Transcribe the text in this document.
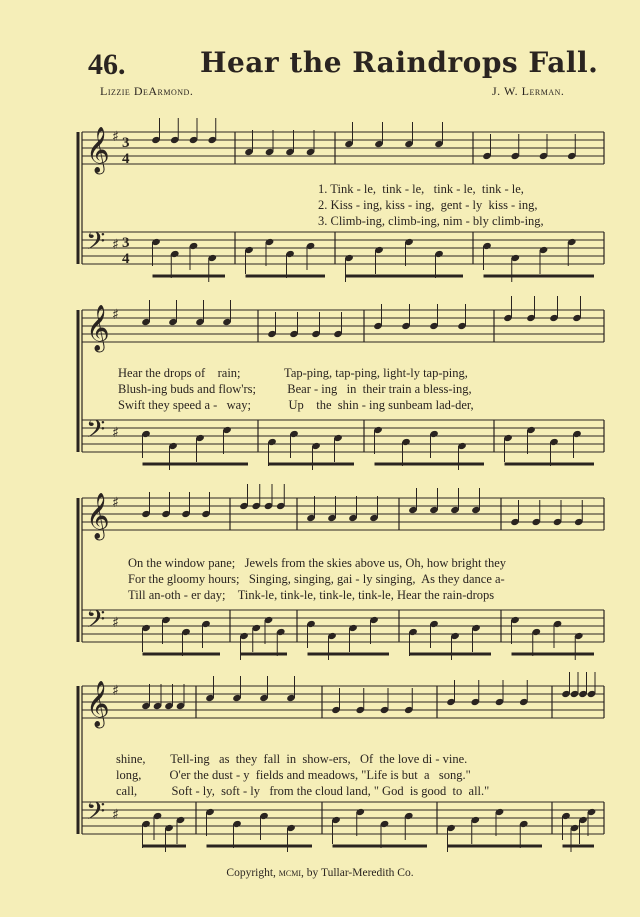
46.	Hear the Raindrops Fall.
Lizzie DeArmond.	J. W. Lerman.
𝄞
𝄢
♯
♯
3
4
3
4
𝄞
𝄢
♯
♯
𝄞
𝄢
♯
♯
𝄞
𝄢
♯
♯
1. Tink - le,  tink - le,   tink - le,  tink - le,
2. Kiss - ing, kiss - ing,  gent - ly  kiss - ing,
3. Climb-ing, climb-ing, nim - bly climb-ing,
Hear the drops of    rain;              Tap-ping, tap-ping, light-ly tap-ping,
Blush-ing buds and flow'rs;          Bear - ing   in  their train a bless-ing,
Swift they speed a -   way;            Up    the  shin - ing sunbeam lad-der,
On the window pane;   Jewels from the skies above us, Oh, how bright they
For the gloomy hours;   Singing, singing, gai - ly singing,  As they dance a-
Till an-oth - er day;    Tink-le, tink-le, tink-le, tink-le, Hear the rain-drops
shine,        Tell-ing   as  they  fall  in  show-ers,   Of  the love di - vine.
long,         O'er the dust - y  fields and meadows, "Life is but  a   song."
call,           Soft - ly,  soft - ly   from the cloud land, " God  is good  to  all."
Copyright, mcmi, by Tullar-Meredith Co.
